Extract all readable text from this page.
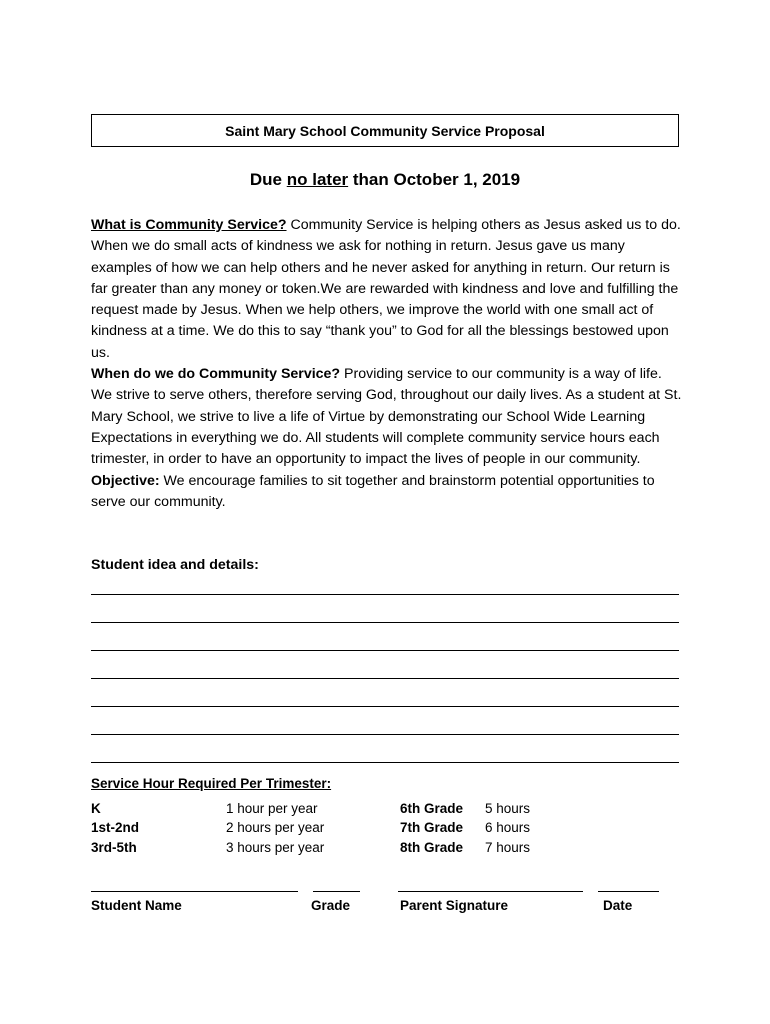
Saint Mary School Community Service Proposal
Due no later than October 1, 2019

What is Community Service? Community Service is helping others as Jesus asked us to do. When we do small acts of kindness we ask for nothing in return. Jesus gave us many examples of how we can help others and he never asked for anything in return. Our return is far greater than any money or token.We are rewarded with kindness and love and fulfilling the request made by Jesus. When we help others, we improve the world with one small act of kindness at a time. We do this to say “thank you” to God for all the blessings bestowed upon us.

When do we do Community Service? Providing service to our community is a way of life. We strive to serve others, therefore serving God, throughout our daily lives. As a student at St. Mary School, we strive to live a life of Virtue by demonstrating our School Wide Learning Expectations in everything we do. All students will complete community service hours each trimester, in order to have an opportunity to impact the lives of people in our community.

Objective: We encourage families to sit together and brainstorm potential opportunities to serve our community.

Student idea and details:
Service Hour Required Per Trimester:
K	1 hour per year	6th Grade 5 hours
1st-2nd	2 hours per year	7th Grade 6 hours
3rd-5th	3 hours per year	8th Grade 7 hours
Student Name	Grade	Parent Signature	Date
